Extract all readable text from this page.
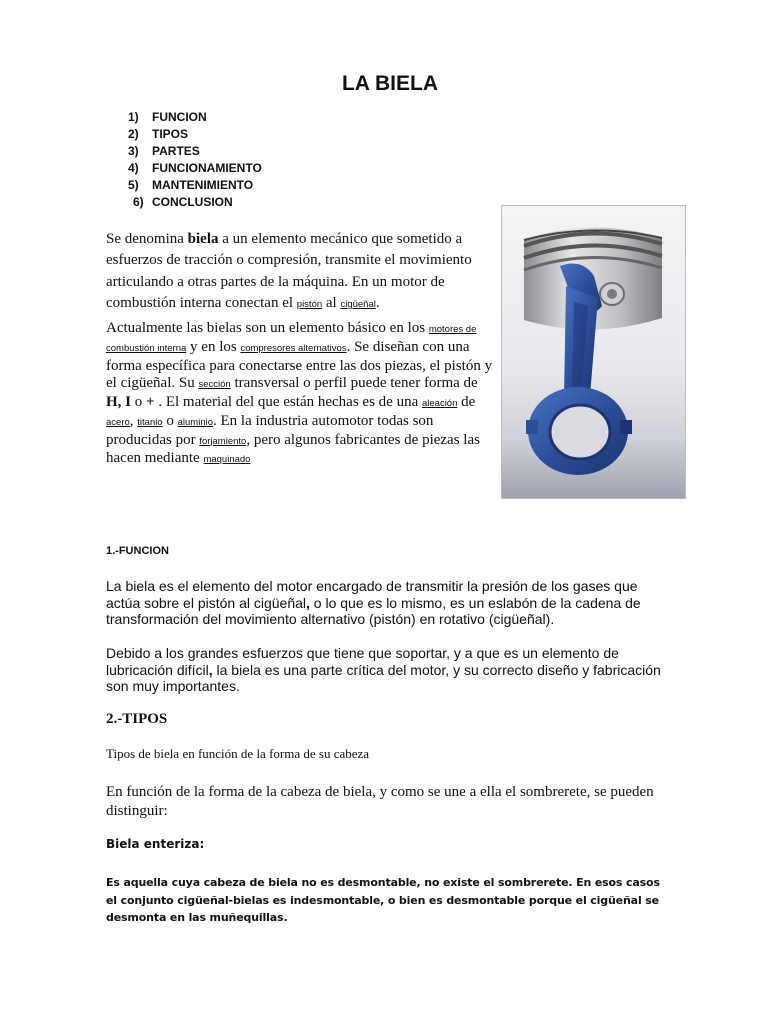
LA BIELA
1) FUNCION
2) TIPOS
3) PARTES
4) FUNCIONAMIENTO
5) MANTENIMIENTO
6) CONCLUSION

Se denomina biela a un elemento mecánico que sometido a esfuerzos de tracción o compresión, transmite el movimiento articulando a otras partes de la máquina. En un motor de combustión interna conectan el pistón al cigüeñal.

Actualmente las bielas son un elemento básico en los motores de combustión interna y en los compresores alternativos. Se diseñan con una forma específica para conectarse entre las dos piezas, el pistón y el cigüeñal. Su sección transversal o perfil puede tener forma de H, I o + . El material del que están hechas es de una aleación de acero, titanio o aluminio. En la industria automotor todas son producidas por forjamiento, pero algunos fabricantes de piezas las hacen mediante maquinado

1.-FUNCION

La biela es el elemento del motor encargado de transmitir la presión de los gases que actúa sobre el pistón al cigüeñal, o lo que es lo mismo, es un eslabón de la cadena de transformación del movimiento alternativo (pistón) en rotativo (cigüeñal).

Debido a los grandes esfuerzos que tiene que soportar, y a que es un elemento de lubricación difícil, la biela es una parte crítica del motor, y su correcto diseño y fabricación son muy importantes.

2.-TIPOS
Tipos de biela en función de la forma de su cabeza

En función de la forma de la cabeza de biela, y como se une a ella el sombrerete, se pueden distinguir:

Biela enteriza:

Es aquella cuya cabeza de biela no es desmontable, no existe el sombrerete. En esos casos el conjunto cigüeñal-bielas es indesmontable, o bien es desmontable porque el cigüeñal se desmonta en las muñequillas.
